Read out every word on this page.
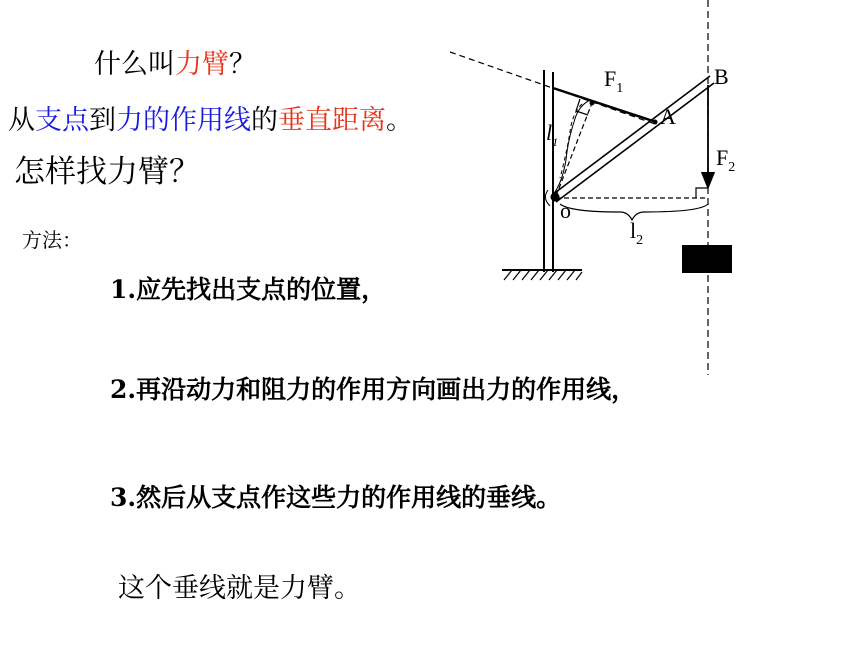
什么叫力臂？
从支点到力的作用线的垂直距离。
怎样找力臂？
方法：
1.应先找出支点的位置，
2.再沿动力和阻力的作用方向画出力的作用线，
3.然后从支点作这些力的作用线的垂线。
这个垂线就是力臂。
$F_1$
A
B
$F_2$
o
$l_1$
$l_2$
